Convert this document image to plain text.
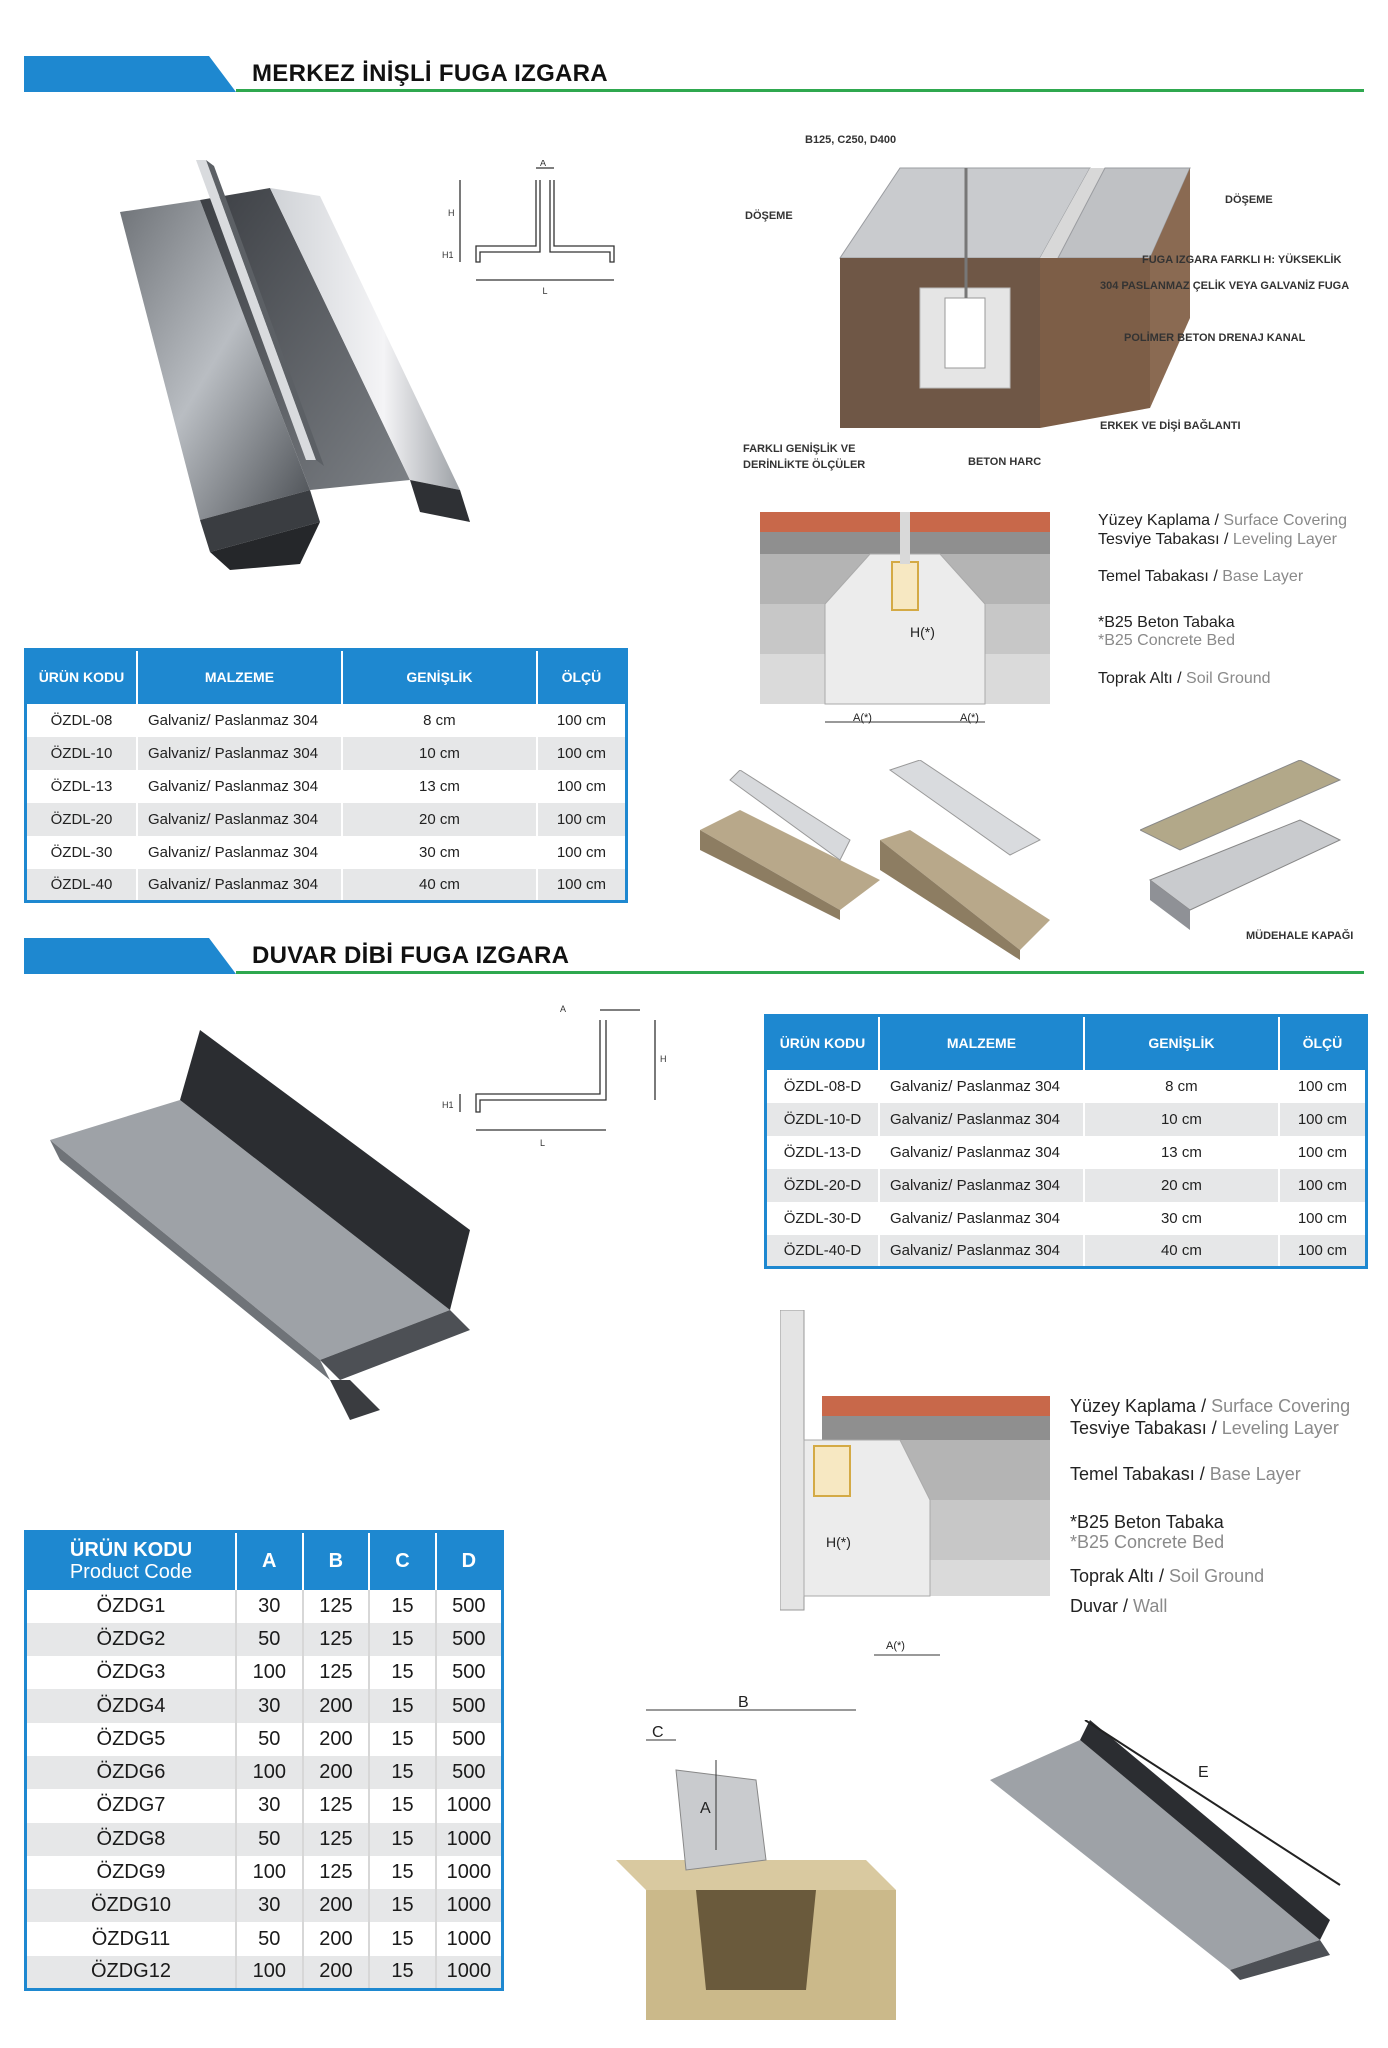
MERKEZ İNİŞLİ FUGA IZGARA
A
H
H1
L
B125, C250, D400
DÖŞEME
DÖŞEME
FUGA IZGARA FARKLI H: YÜKSEKLİK
304 PASLANMAZ ÇELİK VEYA GALVANİZ FUGA
POLİMER BETON DRENAJ KANAL
ERKEK VE DİŞİ BAĞLANTI
BETON HARC
FARKLI GENİŞLİK VE
DERİNLİKTE ÖLÇÜLER
H(*)
A(*)	A(*)
Yüzey Kaplama / Surface Covering
Tesviye Tabakası / Leveling Layer
Temel Tabakası / Base Layer
*B25 Beton Tabaka
*B25 Concrete Bed
Toprak Altı / Soil Ground
ÜRÜN KODU	MALZEME	GENİŞLİK	ÖLÇÜ
ÖZDL-08	Galvaniz/ Paslanmaz 304	8 cm	100 cm
ÖZDL-10	Galvaniz/ Paslanmaz 304	10 cm	100 cm
ÖZDL-13	Galvaniz/ Paslanmaz 304	13 cm	100 cm
ÖZDL-20	Galvaniz/ Paslanmaz 304	20 cm	100 cm
ÖZDL-30	Galvaniz/ Paslanmaz 304	30 cm	100 cm
ÖZDL-40	Galvaniz/ Paslanmaz 304	40 cm	100 cm
MÜDEHALE KAPAĞI
DUVAR DİBİ FUGA IZGARA
A
H
H1
L
ÜRÜN KODU	MALZEME	GENİŞLİK	ÖLÇÜ
ÖZDL-08-D	Galvaniz/ Paslanmaz 304	8 cm	100 cm
ÖZDL-10-D	Galvaniz/ Paslanmaz 304	10 cm	100 cm
ÖZDL-13-D	Galvaniz/ Paslanmaz 304	13 cm	100 cm
ÖZDL-20-D	Galvaniz/ Paslanmaz 304	20 cm	100 cm
ÖZDL-30-D	Galvaniz/ Paslanmaz 304	30 cm	100 cm
ÖZDL-40-D	Galvaniz/ Paslanmaz 304	40 cm	100 cm
H(*)
A(*)
Yüzey Kaplama / Surface Covering
Tesviye Tabakası / Leveling Layer
Temel Tabakası / Base Layer
*B25 Beton Tabaka
*B25 Concrete Bed
Toprak Altı / Soil Ground
Duvar / Wall
ÜRÜN KODU
Product Code	A	B	C	D
ÖZDG1	30	125	15	500
ÖZDG2	50	125	15	500
ÖZDG3	100	125	15	500
ÖZDG4	30	200	15	500
ÖZDG5	50	200	15	500
ÖZDG6	100	200	15	500
ÖZDG7	30	125	15	1000
ÖZDG8	50	125	15	1000
ÖZDG9	100	125	15	1000
ÖZDG10	30	200	15	1000
ÖZDG11	50	200	15	1000
ÖZDG12	100	200	15	1000
B
C
A
E
